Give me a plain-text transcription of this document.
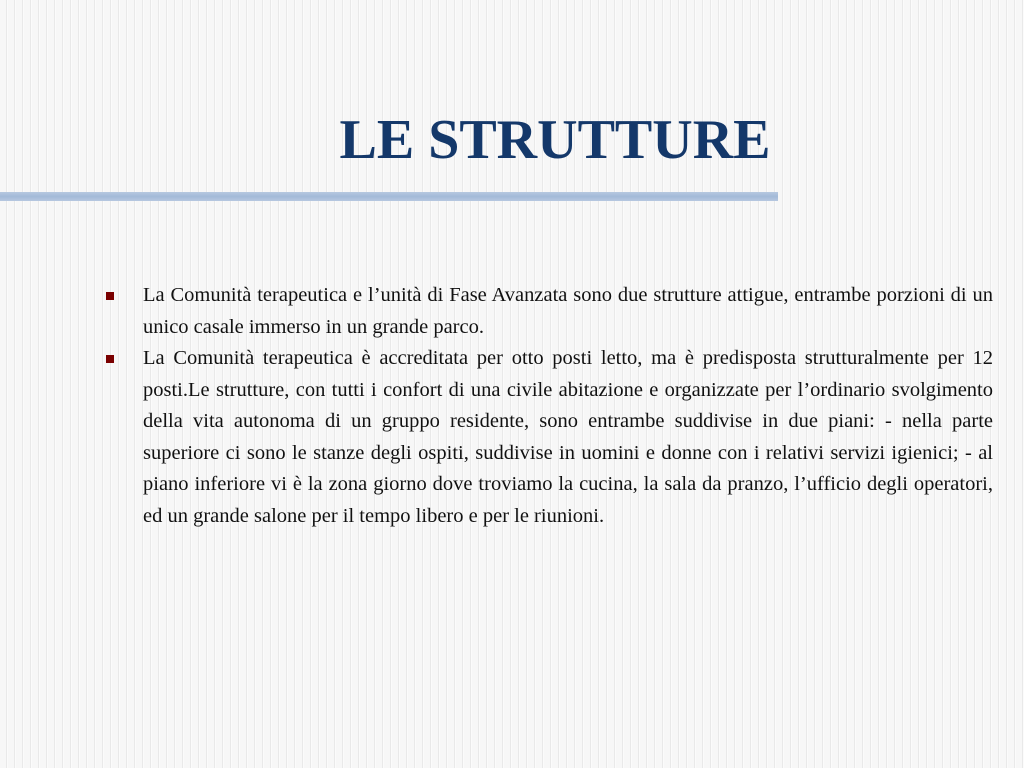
LE STRUTTURE
La Comunità terapeutica e l’unità di Fase Avanzata sono due strutture attigue, entrambe porzioni di un unico casale immerso in un grande parco.
La Comunità terapeutica è accreditata per otto posti letto, ma è predisposta strutturalmente per 12 posti.Le strutture, con tutti i confort di una civile abitazione e organizzate per l’ordinario svolgimento della vita autonoma di un gruppo residente, sono entrambe suddivise in due piani: - nella parte superiore ci sono le stanze degli ospiti, suddivise in uomini e donne con i relativi servizi igienici; - al piano inferiore vi è la zona giorno dove troviamo la cucina, la sala da pranzo, l’ufficio degli operatori, ed un grande salone per il tempo libero e per le riunioni.
